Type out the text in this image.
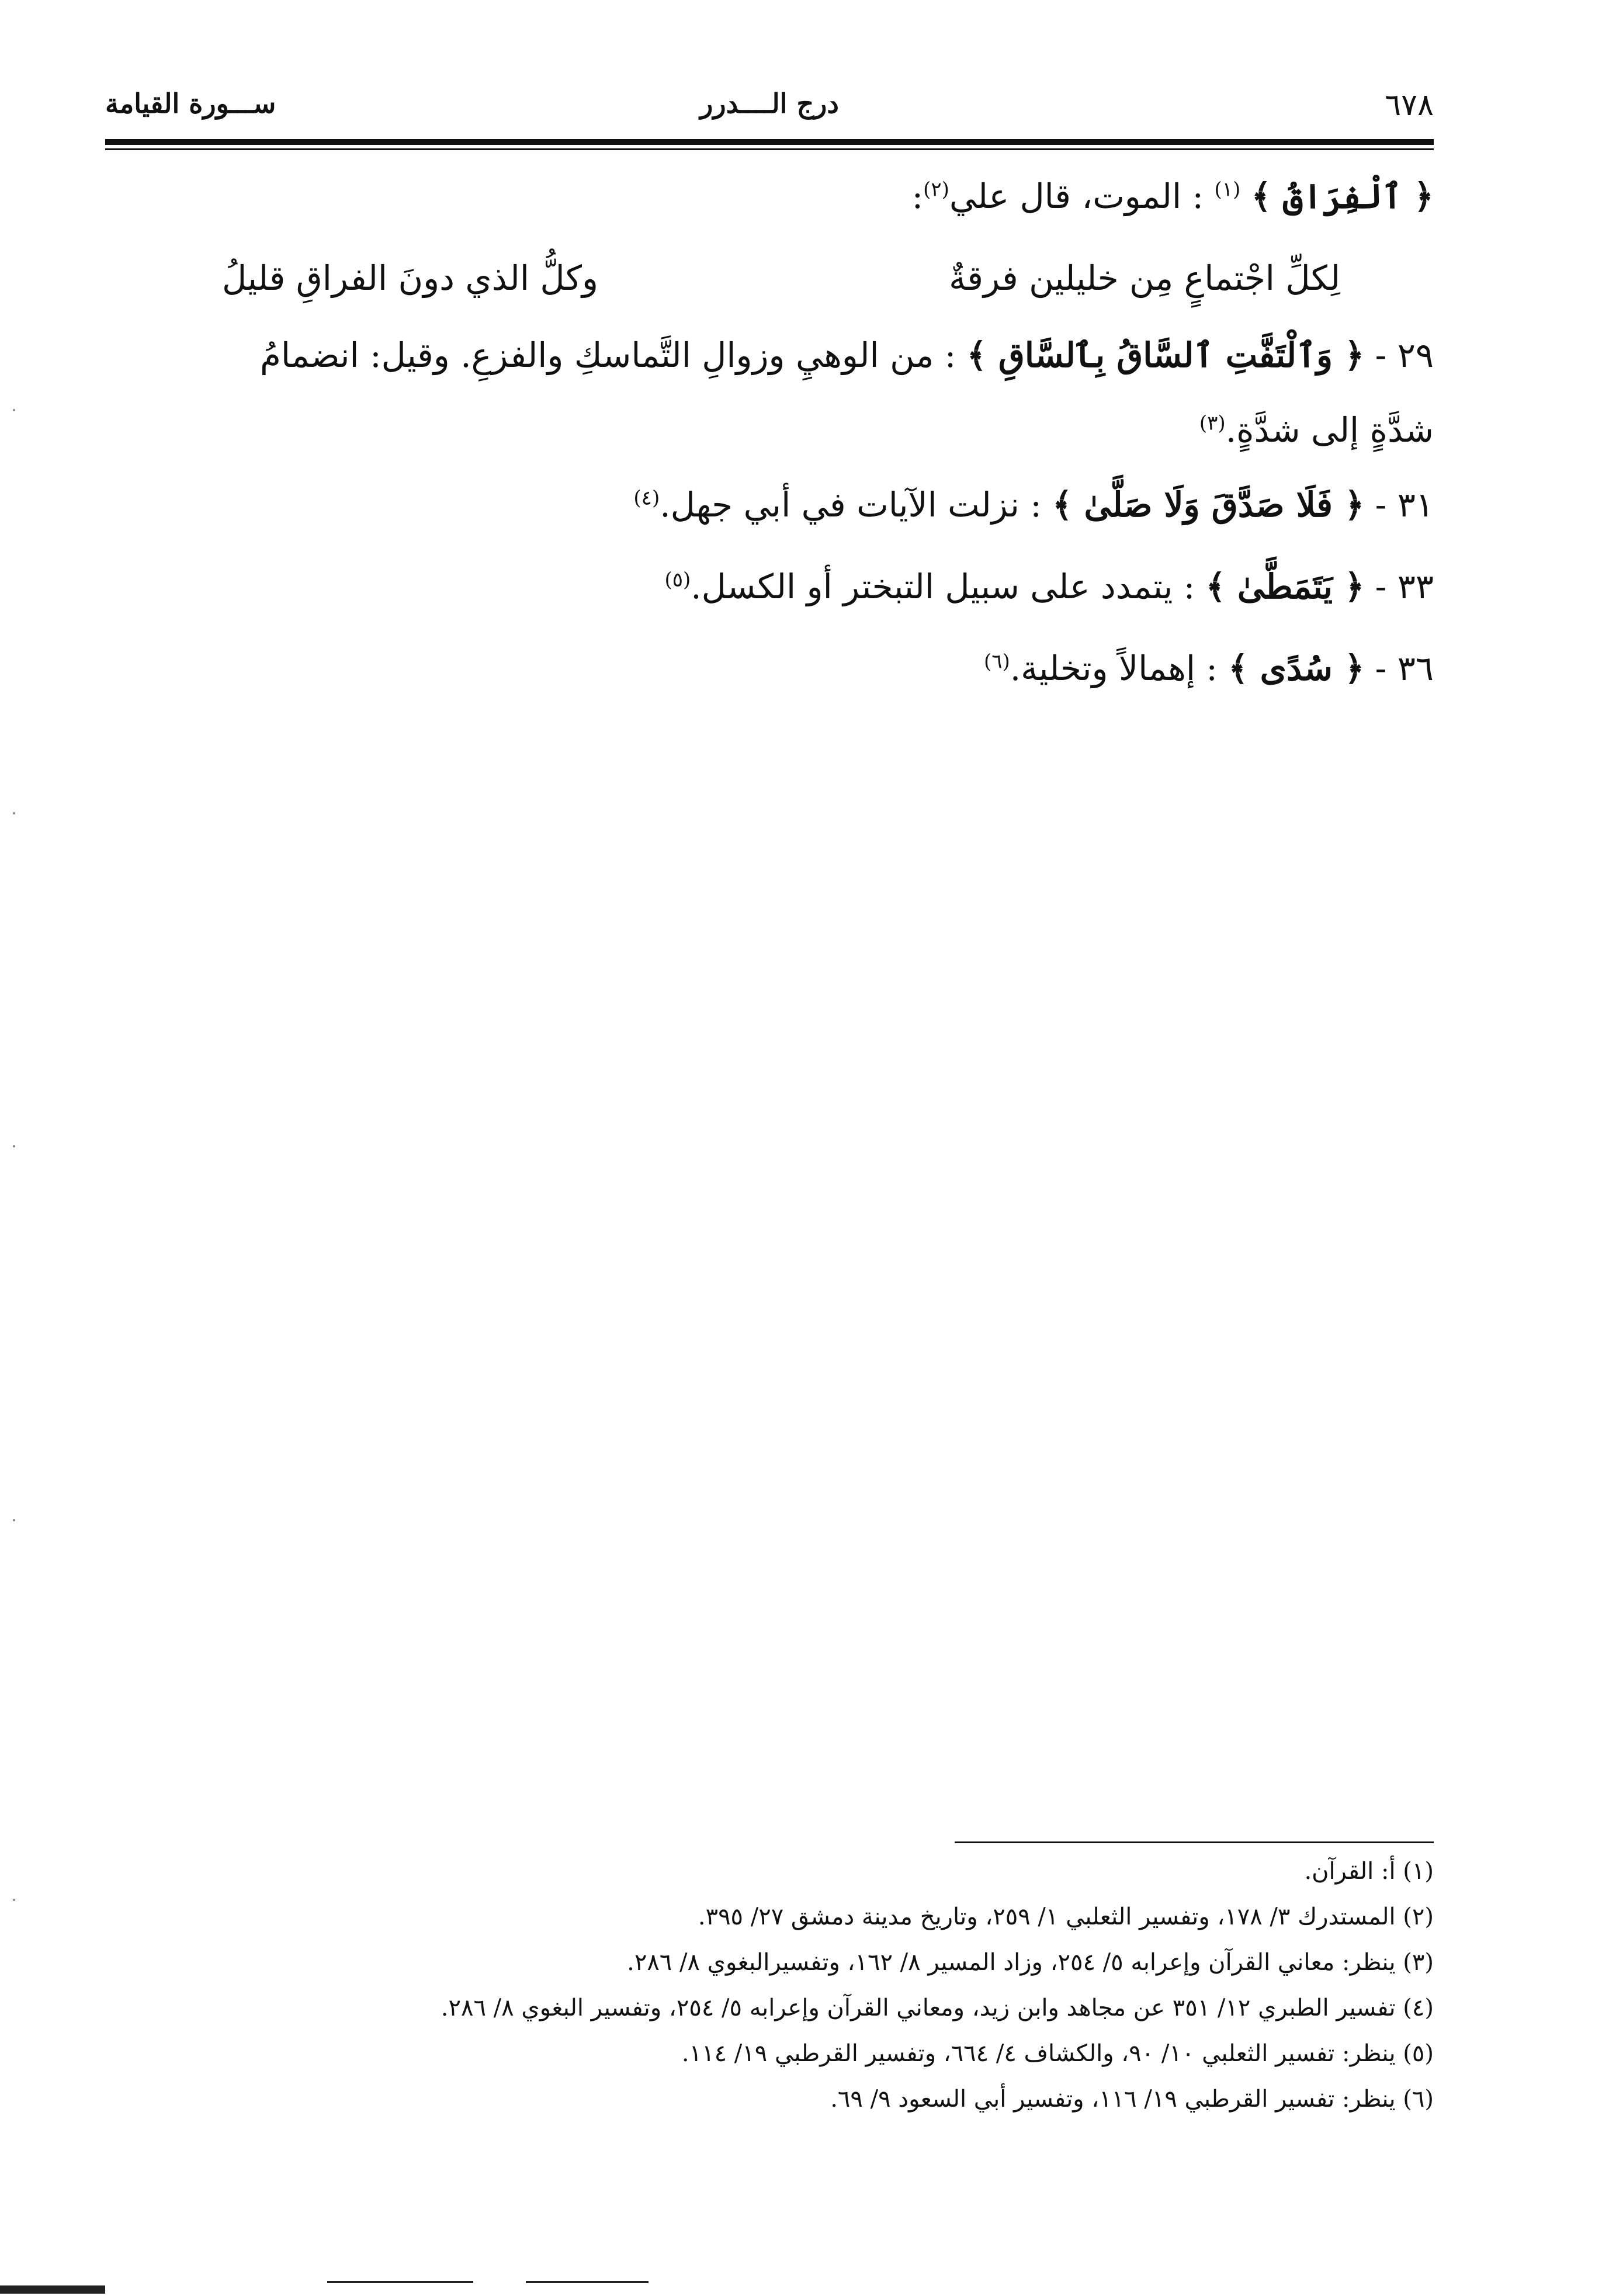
٦٧٨
درج الــــدرر
ســـورة القيامة
﴿ ٱلْفِرَاقُ ﴾ $^{(١)}$ : الموت، قال علي$^{(٢)}$:
لِكلِّ اجْتماعٍ مِن خليلين فرقةٌ
وكلُّ الذي دونَ الفراقِ قليلُ
٢٩ - ﴿ وَٱلْتَفَّتِ ٱلسَّاقُ بِٱلسَّاقِ ﴾ : من الوهيِ وزوالِ التَّماسكِ والفزعِ. وقيل: انضمامُ
شدَّةٍ إلى شدَّةٍ.$^{(٣)}$
٣١ - ﴿ فَلَا صَدَّقَ وَلَا صَلَّىٰ ﴾ : نزلت الآيات في أبي جهل.$^{(٤)}$
٣٣ - ﴿ يَتَمَطَّىٰ ﴾ : يتمدد على سبيل التبختر أو الكسل.$^{(٥)}$
٣٦ - ﴿ سُدًى ﴾ : إهمالاً وتخلية.$^{(٦)}$
(١) أ: القرآن.
(٢) المستدرك ٣/ ١٧٨، وتفسير الثعلبي ١/ ٢٥٩، وتاريخ مدينة دمشق ٢٧/ ٣٩٥.
(٣) ينظر: معاني القرآن وإعرابه ٥/ ٢٥٤، وزاد المسير ٨/ ١٦٢، وتفسيرالبغوي ٨/ ٢٨٦.
(٤) تفسير الطبري ١٢/ ٣٥١ عن مجاهد وابن زيد، ومعاني القرآن وإعرابه ٥/ ٢٥٤، وتفسير البغوي ٨/ ٢٨٦.
(٥) ينظر: تفسير الثعلبي ١٠/ ٩٠، والكشاف ٤/ ٦٦٤، وتفسير القرطبي ١٩/ ١١٤.
(٦) ينظر: تفسير القرطبي ١٩/ ١١٦، وتفسير أبي السعود ٩/ ٦٩.
